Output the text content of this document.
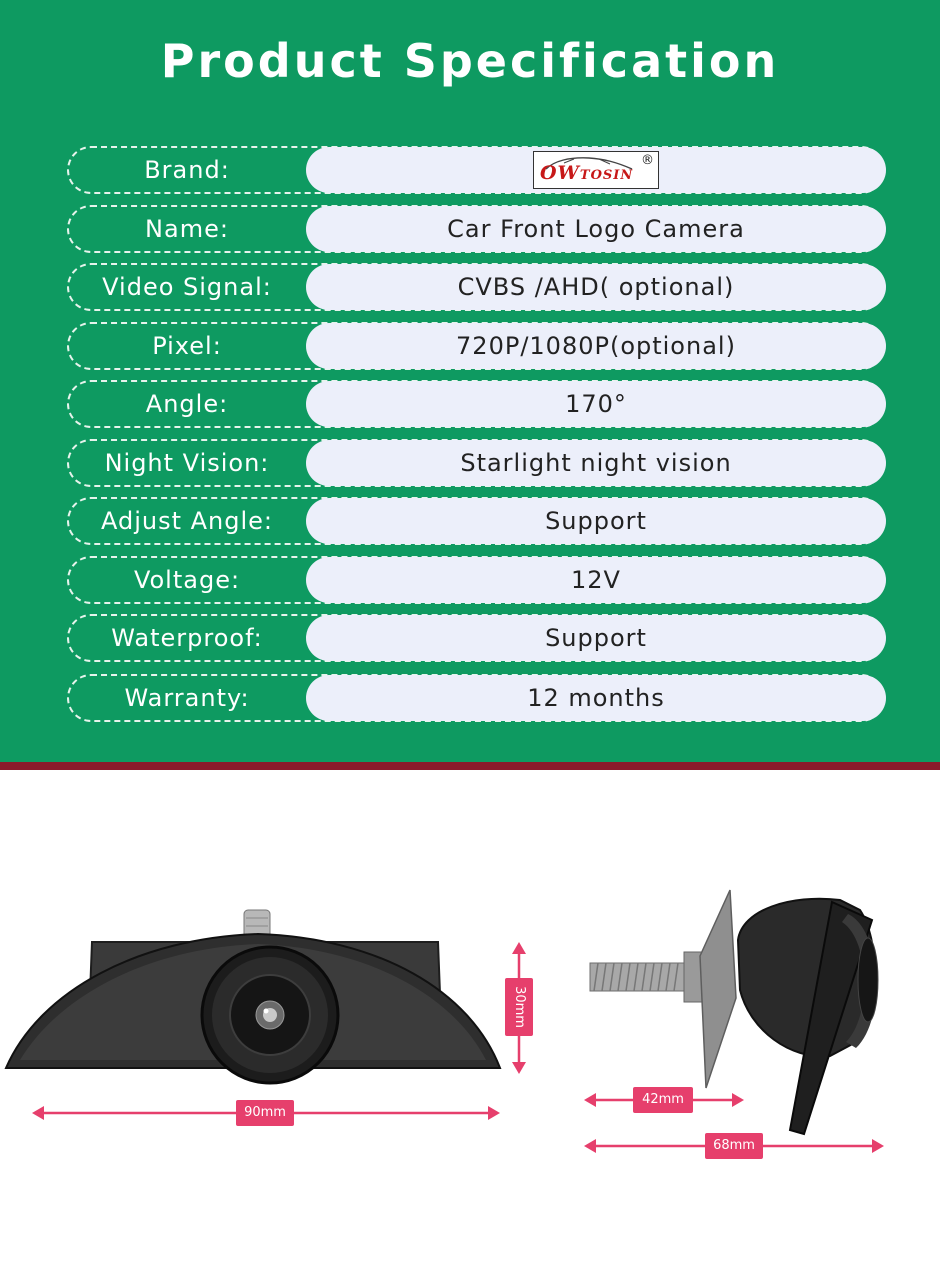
Product Specification
Brand:	OWTOSIN
®
Name:	Car Front Logo Camera
Video Signal:	CVBS /AHD( optional)
Pixel:	720P/1080P(optional)
Angle:	170°
Night Vision:	Starlight night vision
Adjust Angle:	Support
Voltage:	12V
Waterproof:	Support
Warranty:	12 months
90mm
30mm
42mm
68mm
